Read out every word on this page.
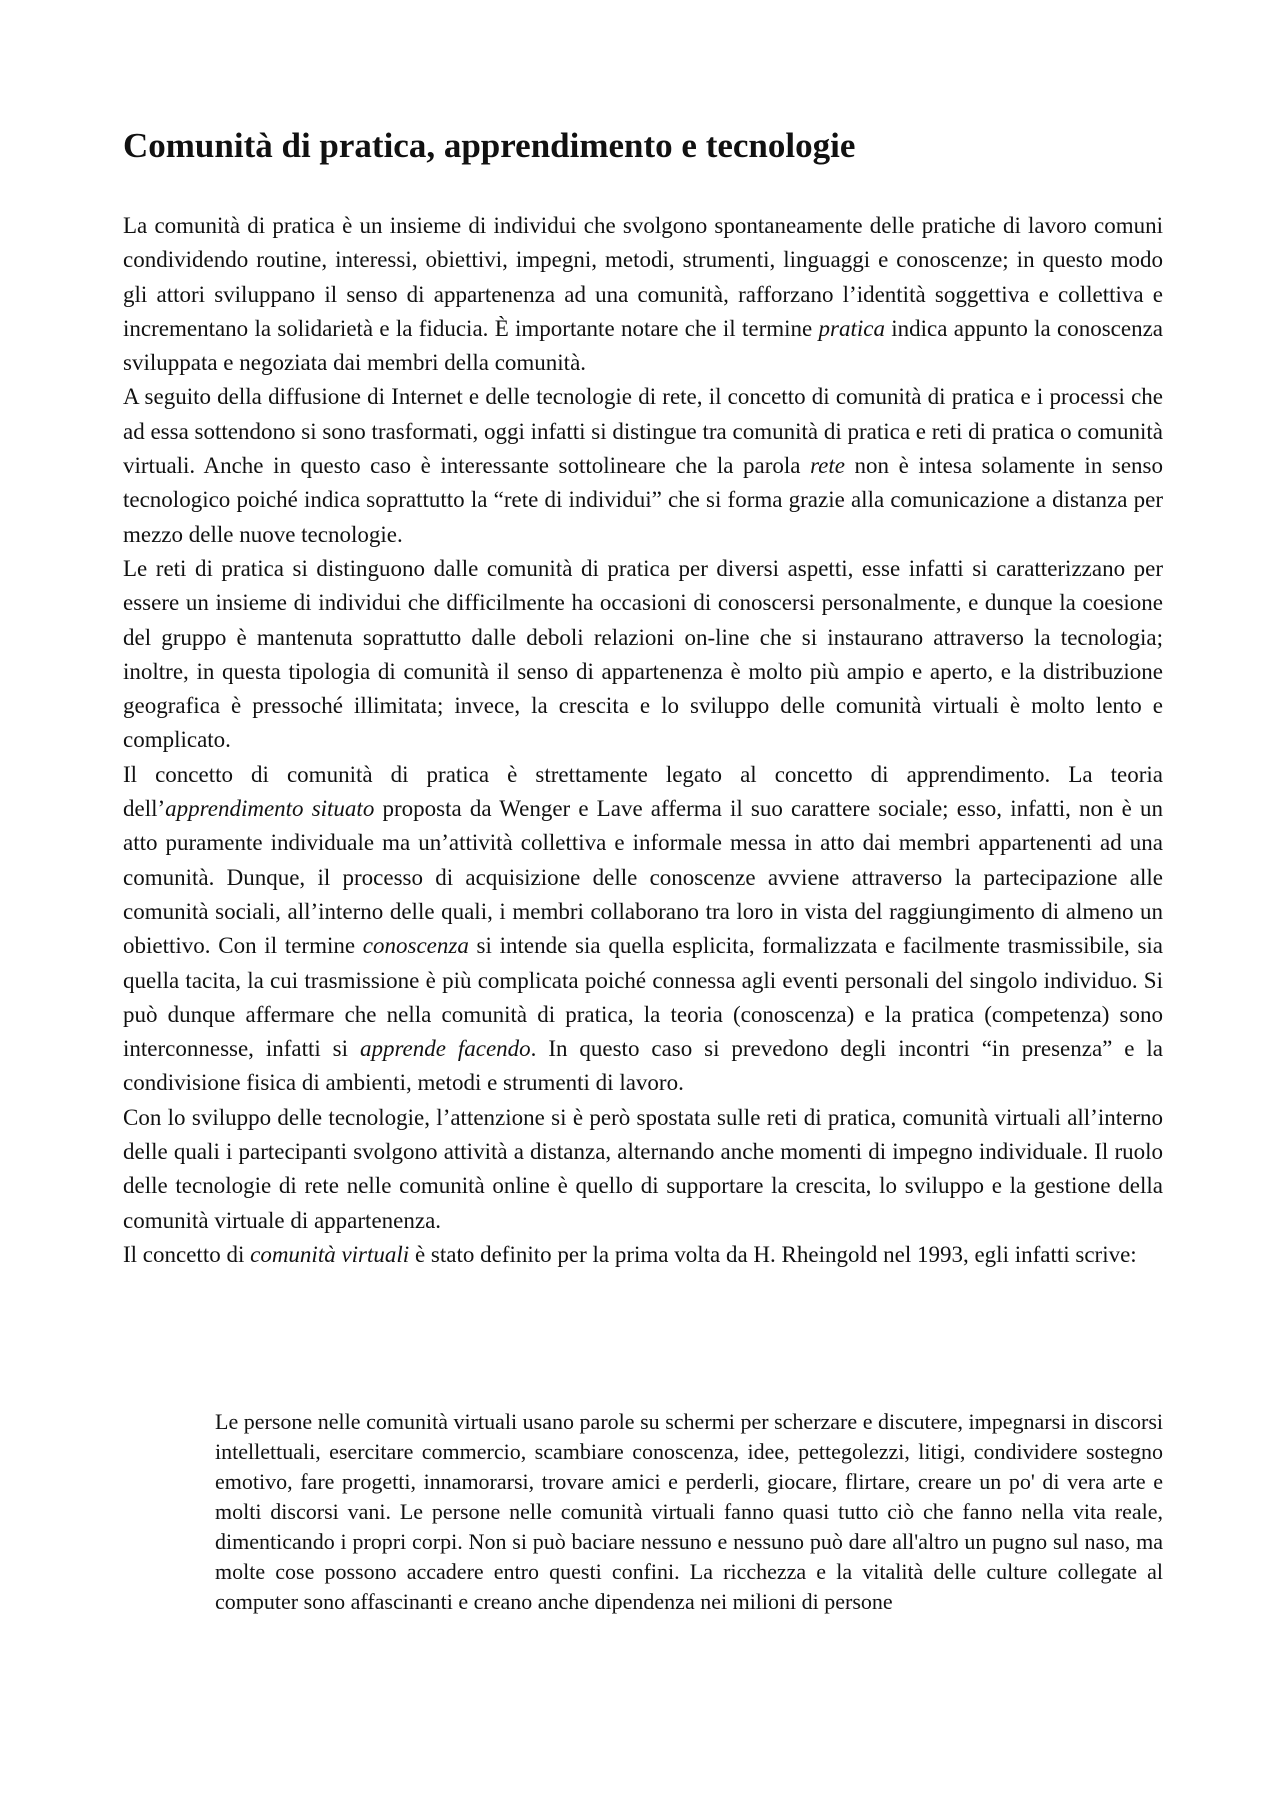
Comunità di pratica, apprendimento e tecnologie

La comunità di pratica è un insieme di individui che svolgono spontaneamente delle pratiche di lavoro comuni condividendo routine, interessi, obiettivi, impegni, metodi, strumenti, linguaggi e conoscenze; in questo modo gli attori sviluppano il senso di appartenenza ad una comunità, rafforzano l’identità soggettiva e collettiva e incrementano la solidarietà e la fiducia. È importante notare che il termine pratica indica appunto la conoscenza sviluppata e negoziata dai membri della comunità.

A seguito della diffusione di Internet e delle tecnologie di rete, il concetto di comunità di pratica e i processi che ad essa sottendono si sono trasformati, oggi infatti si distingue tra comunità di pratica e reti di pratica o comunità virtuali. Anche in questo caso è interessante sottolineare che la parola rete non è intesa solamente in senso tecnologico poiché indica soprattutto la “rete di individui” che si forma grazie alla comunicazione a distanza per mezzo delle nuove tecnologie.

Le reti di pratica si distinguono dalle comunità di pratica per diversi aspetti, esse infatti si caratterizzano per essere un insieme di individui che difficilmente ha occasioni di conoscersi personalmente, e dunque la coesione del gruppo è mantenuta soprattutto dalle deboli relazioni on-line che si instaurano attraverso la tecnologia; inoltre, in questa tipologia di comunità il senso di appartenenza è molto più ampio e aperto, e la distribuzione geografica è pressoché illimitata; invece, la crescita e lo sviluppo delle comunità virtuali è molto lento e complicato.

Il concetto di comunità di pratica è strettamente legato al concetto di apprendimento. La teoria dell’apprendimento situato proposta da Wenger e Lave afferma il suo carattere sociale; esso, infatti, non è un atto puramente individuale ma un’attività collettiva e informale messa in atto dai membri appartenenti ad una comunità. Dunque, il processo di acquisizione delle conoscenze avviene attraverso la partecipazione alle comunità sociali, all’interno delle quali, i membri collaborano tra loro in vista del raggiungimento di almeno un obiettivo. Con il termine conoscenza si intende sia quella esplicita, formalizzata e facilmente trasmissibile, sia quella tacita, la cui trasmissione è più complicata poiché connessa agli eventi personali del singolo individuo. Si può dunque affermare che nella comunità di pratica, la teoria (conoscenza) e la pratica (competenza) sono interconnesse, infatti si apprende facendo. In questo caso si prevedono degli incontri “in presenza” e la condivisione fisica di ambienti, metodi e strumenti di lavoro.

Con lo sviluppo delle tecnologie, l’attenzione si è però spostata sulle reti di pratica, comunità virtuali all’interno delle quali i partecipanti svolgono attività a distanza, alternando anche momenti di impegno individuale. Il ruolo delle tecnologie di rete nelle comunità online è quello di supportare la crescita, lo sviluppo e la gestione della comunità virtuale di appartenenza.

Il concetto di comunità virtuali è stato definito per la prima volta da H. Rheingold nel 1993, egli infatti scrive:

Le persone nelle comunità virtuali usano parole su schermi per scherzare e discutere, impegnarsi in discorsi intellettuali, esercitare commercio, scambiare conoscenza, idee, pettegolezzi, litigi, condividere sostegno emotivo, fare progetti, innamorarsi, trovare amici e perderli, giocare, flirtare, creare un po' di vera arte e molti discorsi vani. Le persone nelle comunità virtuali fanno quasi tutto ciò che fanno nella vita reale, dimenticando i propri corpi. Non si può baciare nessuno e nessuno può dare all'altro un pugno sul naso, ma molte cose possono accadere entro questi confini. La ricchezza e la vitalità delle culture collegate al computer sono affascinanti e creano anche dipendenza nei milioni di persone
